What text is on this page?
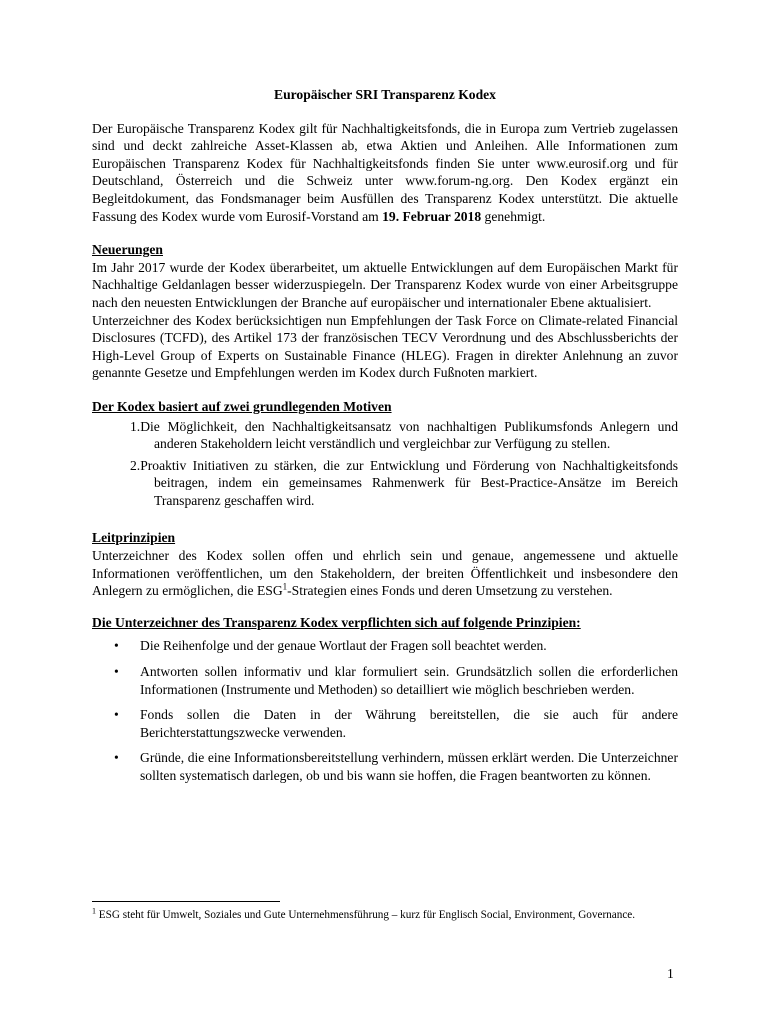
Europäischer SRI Transparenz Kodex

Der Europäische Transparenz Kodex gilt für Nachhaltigkeitsfonds, die in Europa zum Vertrieb zugelassen sind und deckt zahlreiche Asset-Klassen ab, etwa Aktien und Anleihen. Alle Informationen zum Europäischen Transparenz Kodex für Nachhaltigkeitsfonds finden Sie unter www.eurosif.org und für Deutschland, Österreich und die Schweiz unter www.forum-ng.org. Den Kodex ergänzt ein Begleitdokument, das Fondsmanager beim Ausfüllen des Transparenz Kodex unterstützt. Die aktuelle Fassung des Kodex wurde vom Eurosif-Vorstand am 19. Februar 2018 genehmigt.

Neuerungen

Im Jahr 2017 wurde der Kodex überarbeitet, um aktuelle Entwicklungen auf dem Europäischen Markt für Nachhaltige Geldanlagen besser widerzuspiegeln. Der Transparenz Kodex wurde von einer Arbeitsgruppe nach den neuesten Entwicklungen der Branche auf europäischer und internationaler Ebene aktualisiert.

Unterzeichner des Kodex berücksichtigen nun Empfehlungen der Task Force on Climate-related Financial Disclosures (TCFD), des Artikel 173 der französischen TECV Verordnung und des Abschlussberichts der High-Level Group of Experts on Sustainable Finance (HLEG). Fragen in direkter Anlehnung an zuvor genannte Gesetze und Empfehlungen werden im Kodex durch Fußnoten markiert.

Der Kodex basiert auf zwei grundlegenden Motiven
1.Die Möglichkeit, den Nachhaltigkeitsansatz von nachhaltigen Publikumsfonds Anlegern und anderen Stakeholdern leicht verständlich und vergleichbar zur Verfügung zu stellen.
2.Proaktiv Initiativen zu stärken, die zur Entwicklung und Förderung von Nachhaltigkeitsfonds beitragen, indem ein gemeinsames Rahmenwerk für Best-Practice-Ansätze im Bereich Transparenz geschaffen wird.
Leitprinzipien

Unterzeichner des Kodex sollen offen und ehrlich sein und genaue, angemessene und aktuelle Informationen veröffentlichen, um den Stakeholdern, der breiten Öffentlichkeit und insbesondere den Anlegern zu ermöglichen, die ESG$^1$-Strategien eines Fonds und deren Umsetzung zu verstehen.

Die Unterzeichner des Transparenz Kodex verpflichten sich auf folgende Prinzipien:
• Die Reihenfolge und der genaue Wortlaut der Fragen soll beachtet werden.
• Antworten sollen informativ und klar formuliert sein. Grundsätzlich sollen die erforderlichen Informationen (Instrumente und Methoden) so detailliert wie möglich beschrieben werden.
• Fonds sollen die Daten in der Währung bereitstellen, die sie auch für andere Berichterstattungszwecke verwenden.
• Gründe, die eine Informationsbereitstellung verhindern, müssen erklärt werden. Die Unterzeichner sollten systematisch darlegen, ob und bis wann sie hoffen, die Fragen beantworten zu können.
$^1$ ESG steht für Umwelt, Soziales und Gute Unternehmensführung – kurz für Englisch Social, Environment, Governance.
1
